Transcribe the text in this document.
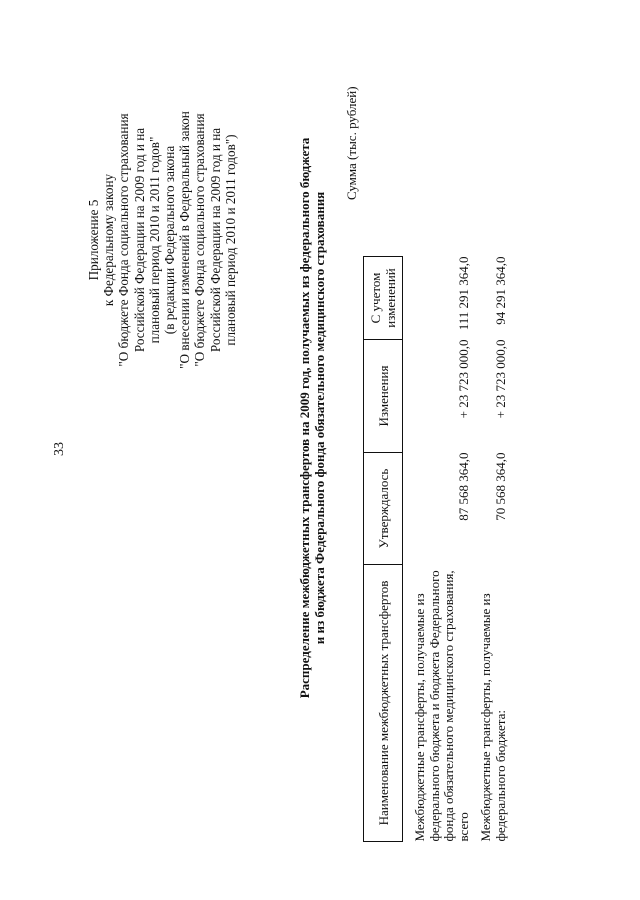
33
Приложение 5 к Федеральному закону "О бюджете Фонда социального страхования Российской Федерации на 2009 год и на плановый период 2010 и 2011 годов" (в редакции Федерального закона "О внесении изменений в Федеральный закон "О бюджете Фонда социального страхования Российской Федерации на 2009 год и на плановый период 2010 и 2011 годов")	Распределение межбюджетных трансфертов на 2009 год, получаемых из федерального бюджета и из бюджета Федерального фонда обязательного медицинского страхования
Сумма (тыс. рублей)
Наименование межбюджетных трансфертов	Утверждалось	Изменения	С учетом изменений
Межбюджетные трансферты, получаемые из федерального бюджета и бюджета Федерального фонда обязательного медицинского страхования, всего	87 568 364,0	+ 23 723 000,0	111 291 364,0
Межбюджетные трансферты, получаемые из федерального бюджета:	70 568 364,0	+ 23 723 000,0	94 291 364,0
